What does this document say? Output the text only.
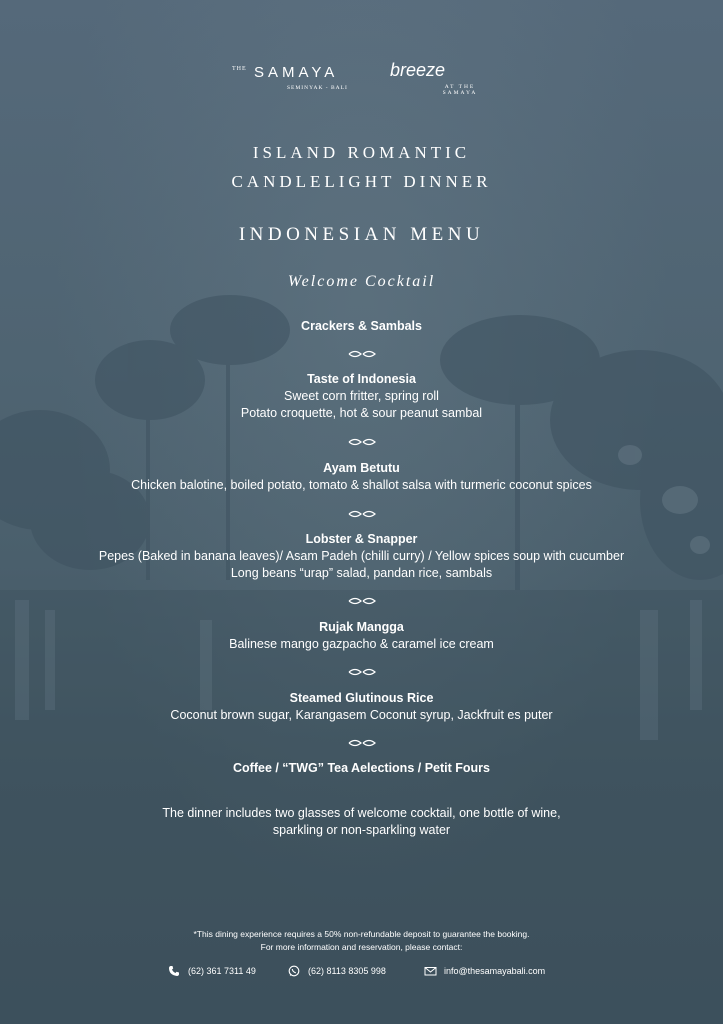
THE SAMAYA
SEMINYAK - BALI
breeze
AT THE SAMAYA
ISLAND ROMANTIC
CANDLELIGHT DINNER
INDONESIAN MENU
Welcome Cocktail
Crackers & Sambals
Taste of Indonesia
Sweet corn fritter, spring roll
Potato croquette, hot & sour peanut sambal
Ayam Betutu
Chicken balotine, boiled potato, tomato & shallot salsa with turmeric coconut spices
Lobster & Snapper
Pepes (Baked in banana leaves)/ Asam Padeh (chilli curry) / Yellow spices soup with cucumber
Long beans “urap” salad, pandan rice, sambals
Rujak Mangga
Balinese mango gazpacho & caramel ice cream
Steamed Glutinous Rice
Coconut brown sugar, Karangasem Coconut syrup, Jackfruit es puter
Coffee / “TWG” Tea Aelections / Petit Fours
The dinner includes two glasses of welcome cocktail, one bottle of wine,
sparkling or non-sparkling water
*This dining experience requires a 50% non-refundable deposit to guarantee the booking.
For more information and reservation, please contact:
(62) 361 7311 49	(62) 8113 8305 998	info@thesamayabali.com
